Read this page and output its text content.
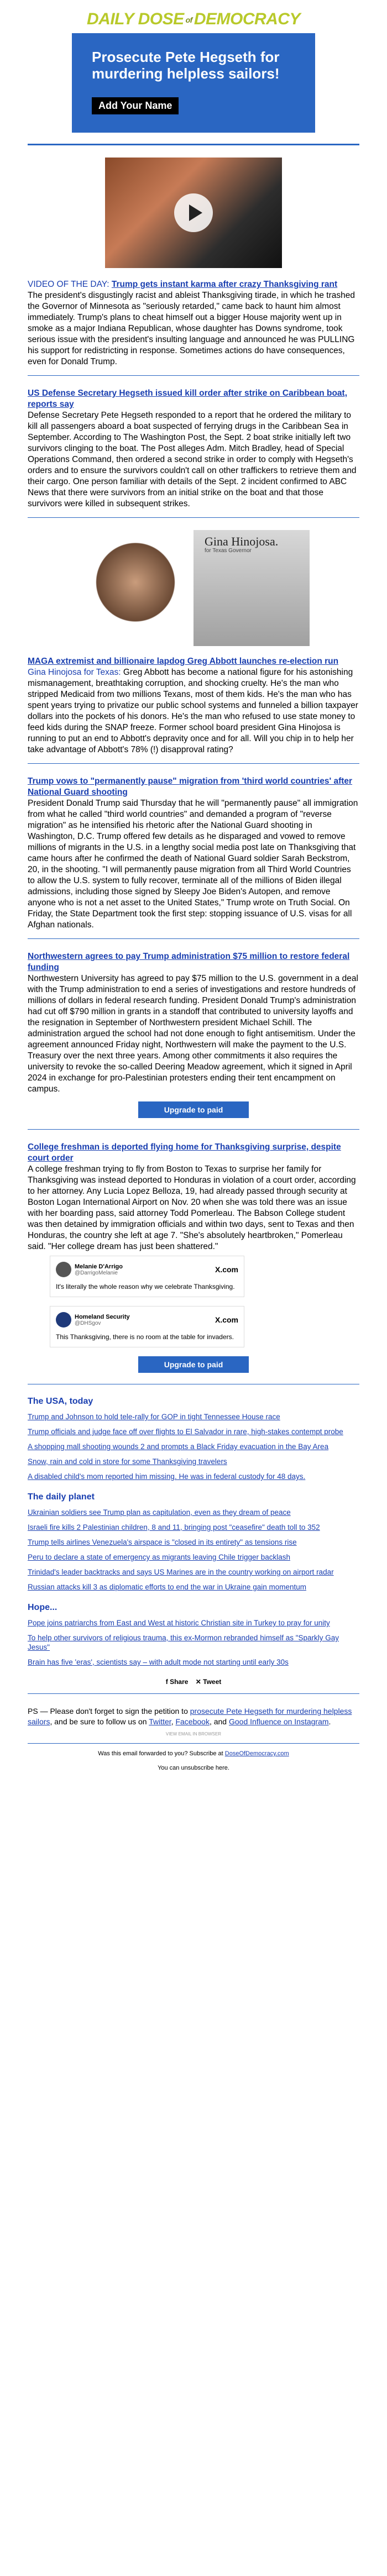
DAILY DOSE of DEMOCRACY
Prosecute Pete Hegseth for murdering helpless sailors!
Add Your Name
VIDEO OF THE DAY: Trump gets instant karma after crazy Thanksgiving rant
The president's disgustingly racist and ableist Thanksgiving tirade, in which he trashed the Governor of Minnesota as "seriously retarded," came back to haunt him almost immediately. Trump's plans to cheat himself out a bigger House majority went up in smoke as a major Indiana Republican, whose daughter has Downs syndrome, took serious issue with the president's insulting language and announced he was PULLING his support for redistricting in response. Sometimes actions do have consequences, even for Donald Trump.
US Defense Secretary Hegseth issued kill order after strike on Caribbean boat, reports say
Defense Secretary Pete Hegseth responded to a report that he ordered the military to kill all passengers aboard a boat suspected of ferrying drugs in the Caribbean Sea in September. According to The Washington Post, the Sept. 2 boat strike initially left two survivors clinging to the boat. The Post alleges Adm. Mitch Bradley, head of Special Operations Command, then ordered a second strike in order to comply with Hegseth's orders and to ensure the survivors couldn't call on other traffickers to retrieve them and their cargo. One person familiar with details of the Sept. 2 incident confirmed to ABC News that there were survivors from an initial strike on the boat and that those survivors were killed in subsequent strikes.
Gina Hinojosa.
for Texas Governor
MAGA extremist and billionaire lapdog Greg Abbott launches re-election run
Gina Hinojosa for Texas: Greg Abbott has become a national figure for his astonishing mismanagement, breathtaking corruption, and shocking cruelty. He's the man who stripped Medicaid from two millions Texans, most of them kids. He's the man who has spent years trying to privatize our public school systems and funneled a billion taxpayer dollars into the pockets of his donors. He's the man who refused to use state money to feed kids during the SNAP freeze. Former school board president Gina Hinojosa is running to put an end to Abbott's depravity once and for all. Will you chip in to help her take advantage of Abbott's 78% (!) disapproval rating?
Trump vows to "permanently pause" migration from 'third world countries' after National Guard shooting
President Donald Trump said Thursday that he will "permanently pause" all immigration from what he called "third world countries" and demanded a program of "reverse migration" as he intensified his rhetoric after the National Guard shooting in Washington, D.C. Trump offered few details as he disparaged and vowed to remove millions of migrants in the U.S. in a lengthy social media post late on Thanksgiving that came hours after he confirmed the death of National Guard soldier Sarah Beckstrom, 20, in the shooting. "I will permanently pause migration from all Third World Countries to allow the U.S. system to fully recover, terminate all of the millions of Biden illegal admissions, including those signed by Sleepy Joe Biden's Autopen, and remove anyone who is not a net asset to the United States," Trump wrote on Truth Social. On Friday, the State Department took the first step: stopping issuance of U.S. visas for all Afghan nationals.
Northwestern agrees to pay Trump administration $75 million to restore federal funding
Northwestern University has agreed to pay $75 million to the U.S. government in a deal with the Trump administration to end a series of investigations and restore hundreds of millions of dollars in federal research funding. President Donald Trump's administration had cut off $790 million in grants in a standoff that contributed to university layoffs and the resignation in September of Northwestern president Michael Schill. The administration argued the school had not done enough to fight antisemitism. Under the agreement announced Friday night, Northwestern will make the payment to the U.S. Treasury over the next three years. Among other commitments it also requires the university to revoke the so-called Deering Meadow agreement, which it signed in April 2024 in exchange for pro-Palestinian protesters ending their tent encampment on campus.
Upgrade to paid
College freshman is deported flying home for Thanksgiving surprise, despite court order
A college freshman trying to fly from Boston to Texas to surprise her family for Thanksgiving was instead deported to Honduras in violation of a court order, according to her attorney. Any Lucia Lopez Belloza, 19, had already passed through security at Boston Logan International Airport on Nov. 20 when she was told there was an issue with her boarding pass, said attorney Todd Pomerleau. The Babson College student was then detained by immigration officials and within two days, sent to Texas and then Honduras, the country she left at age 7. "She's absolutely heartbroken," Pomerleau said. "Her college dream has just been shattered."
Melanie D'Arrigo
@DarrigoMelanie	X.com
It's literally the whole reason why we celebrate Thanksgiving.
Homeland Security
@DHSgov	X.com
This Thanksgiving, there is no room at the table for invaders.
Upgrade to paid
The USA, today
Trump and Johnson to hold tele-rally for GOP in tight Tennessee House race
Trump officials and judge face off over flights to El Salvador in rare, high-stakes contempt probe
A shopping mall shooting wounds 2 and prompts a Black Friday evacuation in the Bay Area
Snow, rain and cold in store for some Thanksgiving travelers
A disabled child's mom reported him missing. He was in federal custody for 48 days.
The daily planet
Ukrainian soldiers see Trump plan as capitulation, even as they dream of peace
Israeli fire kills 2 Palestinian children, 8 and 11, bringing post "ceasefire" death toll to 352
Trump tells airlines Venezuela's airspace is "closed in its entirety" as tensions rise
Peru to declare a state of emergency as migrants leaving Chile trigger backlash
Trinidad's leader backtracks and says US Marines are in the country working on airport radar
Russian attacks kill 3 as diplomatic efforts to end the war in Ukraine gain momentum
Hope...
Pope joins patriarchs from East and West at historic Christian site in Turkey to pray for unity
To help other survivors of religious trauma, this ex-Mormon rebranded himself as "Sparkly Gay Jesus"
Brain has five 'eras', scientists say – with adult mode not starting until early 30s
f Share ✕ Tweet
PS — Please don't forget to sign the petition to prosecute Pete Hegseth for murdering helpless sailors, and be sure to follow us on Twitter, Facebook, and Good Influence on Instagram.
VIEW EMAIL IN BROWSER
Was this email forwarded to you? Subscribe at DoseOfDemocracy.com
You can unsubscribe here.
